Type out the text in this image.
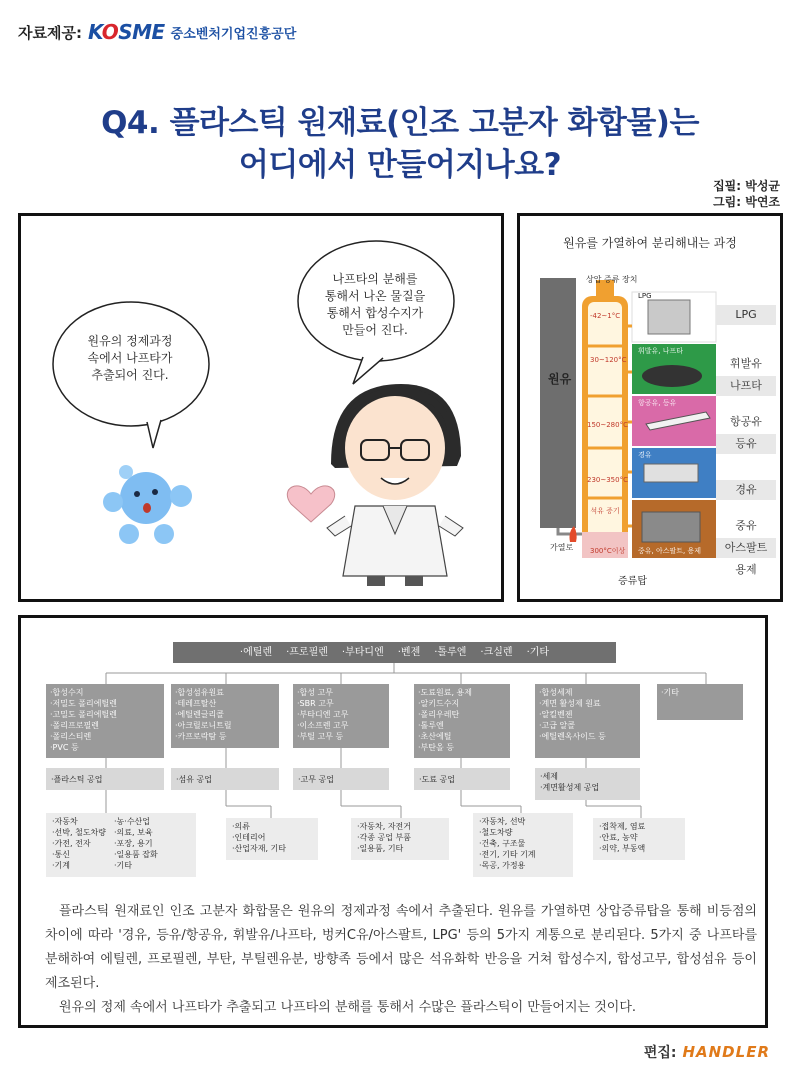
자료제공: KOSME 중소벤처기업진흥공단
Q4. 플라스틱 원재료(인조 고분자 화합물)는
어디에서 만들어지나요?
집필: 박성균
그림: 박연조
원유의 정제과정
속에서 나프타가
추출되어 진다.
나프타의 분해를
통해서 나온 물질을
통해서 합성수지가
만들어 진다.
원유를 가열하여 분리해내는 과정
원유
상압 증류 장치
가열로
증류탑
-42~1°C
30~120°C
150~280°C
230~350°C
석유 증기
300°C이상
LPG
휘발유, 나프타
항공유, 등유
경유
중유, 아스팔트, 용제
LPG
휘발유
나프타
항공유
등유
경유
중유
아스팔트
용제
·에틸렌 ·프로필렌 ·부타디엔 ·벤젠 ·톨루엔 ·크실렌 ·기타
·합성수지
·저밀도 폴리에틸렌
·고밀도 폴리에틸렌
·폴리프로필렌
·폴리스티렌
·PVC 등
·합성섬유원료
·테레프탈산
·에틸렌글리콜
·아크릴로니트릴
·카프로락탐 등
·합성 고무
·SBR 고무
·부타디엔 고무
·이소프렌 고무
·부틸 고무 등
·도료원료, 용제
·알키드수지
·폴리우레탄
·톨루엔
·초산에틸
·부탄올 등
·합성세제
·계면 활성제 원료
·알킬벤젠
·고급 알콜
·에틸렌옥사이드 등
·기타
·플라스틱 공업	·섬유 공업	·고무 공업	·도료 공업	·세제
·계면활성제 공업
·자동차
·선박, 철도차량
·가전, 전자
·통신
·기계
·농·수산업
·의료, 보육
·포장, 용기
·일용품 잡화
·기타
·의류
·인테리어
·산업자재, 기타
·자동차, 자전거
·각종 공업 부품
·일용품, 기타
·자동차, 선박
·철도차량
·건축, 구조물
·전기, 기타 기계
·목공, 가정용
·접착제, 염료
·안료, 농약
·의약, 부동액

플라스틱 원재료인 인조 고분자 화합물은 원유의 정제과정 속에서 추출된다. 원유를 가열하면 상압증류탑을 통해 비등점의 차이에 따라 '경유, 등유/항공유, 휘발유/나프타, 벙커C유/아스팔트, LPG' 등의 5가지 계통으로 분리된다. 5가지 중 나프타를 분해하여 에틸렌, 프로필렌, 부탄, 부틸렌유분, 방향족 등에서 많은 석유화학 반응을 거쳐 합성수지, 합성고무, 합성섬유 등이 제조된다.

원유의 정제 속에서 나프타가 추출되고 나프타의 분해를 통해서 수많은 플라스틱이 만들어지는 것이다.

편집: HANDLER
